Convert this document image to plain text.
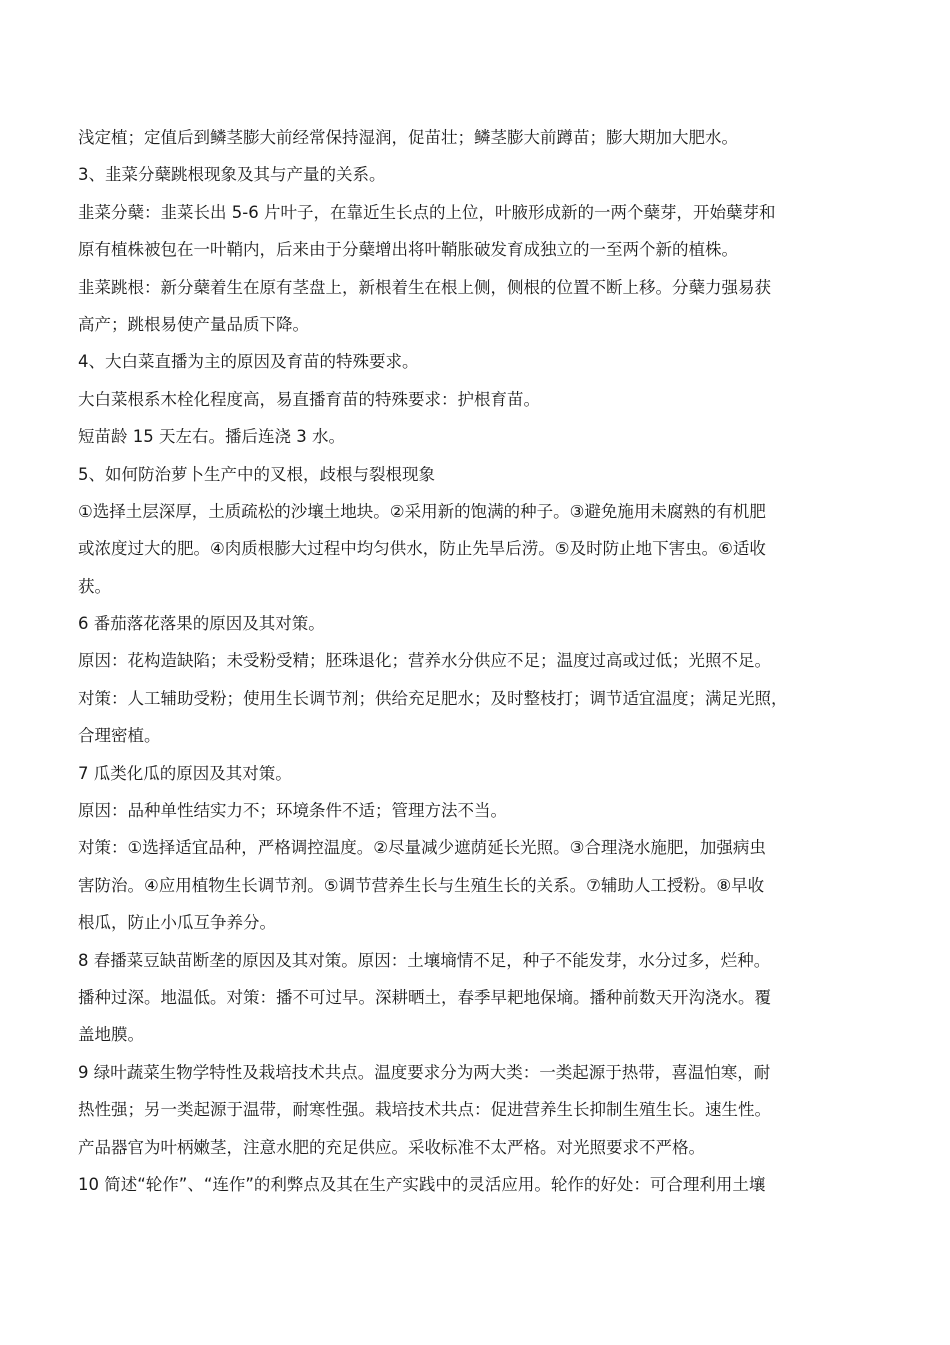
浅定植；定值后到鳞茎膨大前经常保持湿润，促苗壮；鳞茎膨大前蹲苗；膨大期加大肥水。
3、韭菜分蘖跳根现象及其与产量的关系。
韭菜分蘖：韭菜长出 5-6 片叶子，在靠近生长点的上位，叶腋形成新的一两个蘖芽，开始蘖芽和
原有植株被包在一叶鞘内，后来由于分蘖增出将叶鞘胀破发育成独立的一至两个新的植株。
韭菜跳根：新分蘖着生在原有茎盘上，新根着生在根上侧，侧根的位置不断上移。分蘖力强易获
高产；跳根易使产量品质下降。
4、大白菜直播为主的原因及育苗的特殊要求。
大白菜根系木栓化程度高，易直播育苗的特殊要求：护根育苗。
短苗龄 15 天左右。播后连浇 3 水。
5、如何防治萝卜生产中的叉根，歧根与裂根现象
①选择土层深厚，土质疏松的沙壤土地块。②采用新的饱满的种子。③避免施用未腐熟的有机肥
或浓度过大的肥。④肉质根膨大过程中均匀供水，防止先旱后涝。⑤及时防止地下害虫。⑥适收
获。
6 番茄落花落果的原因及其对策。
原因：花构造缺陷；未受粉受精；胚珠退化；营养水分供应不足；温度过高或过低；光照不足。
对策：人工辅助受粉；使用生长调节剂；供给充足肥水；及时整枝打；调节适宜温度；满足光照，
合理密植。
7 瓜类化瓜的原因及其对策。
原因：品种单性结实力不；环境条件不适；管理方法不当。
对策：①选择适宜品种，严格调控温度。②尽量减少遮荫延长光照。③合理浇水施肥，加强病虫
害防治。④应用植物生长调节剂。⑤调节营养生长与生殖生长的关系。⑦辅助人工授粉。⑧早收
根瓜，防止小瓜互争养分。
8 春播菜豆缺苗断垄的原因及其对策。原因：土壤墒情不足，种子不能发芽，水分过多，烂种。
播种过深。地温低。对策：播不可过早。深耕晒土，春季早耙地保墒。播种前数天开沟浇水。覆
盖地膜。
9 绿叶蔬菜生物学特性及栽培技术共点。温度要求分为两大类：一类起源于热带，喜温怕寒，耐
热性强；另一类起源于温带，耐寒性强。栽培技术共点：促进营养生长抑制生殖生长。速生性。
产品器官为叶柄嫩茎，注意水肥的充足供应。采收标准不太严格。对光照要求不严格。
10 简述“轮作”、“连作”的利弊点及其在生产实践中的灵活应用。轮作的好处：可合理利用土壤
